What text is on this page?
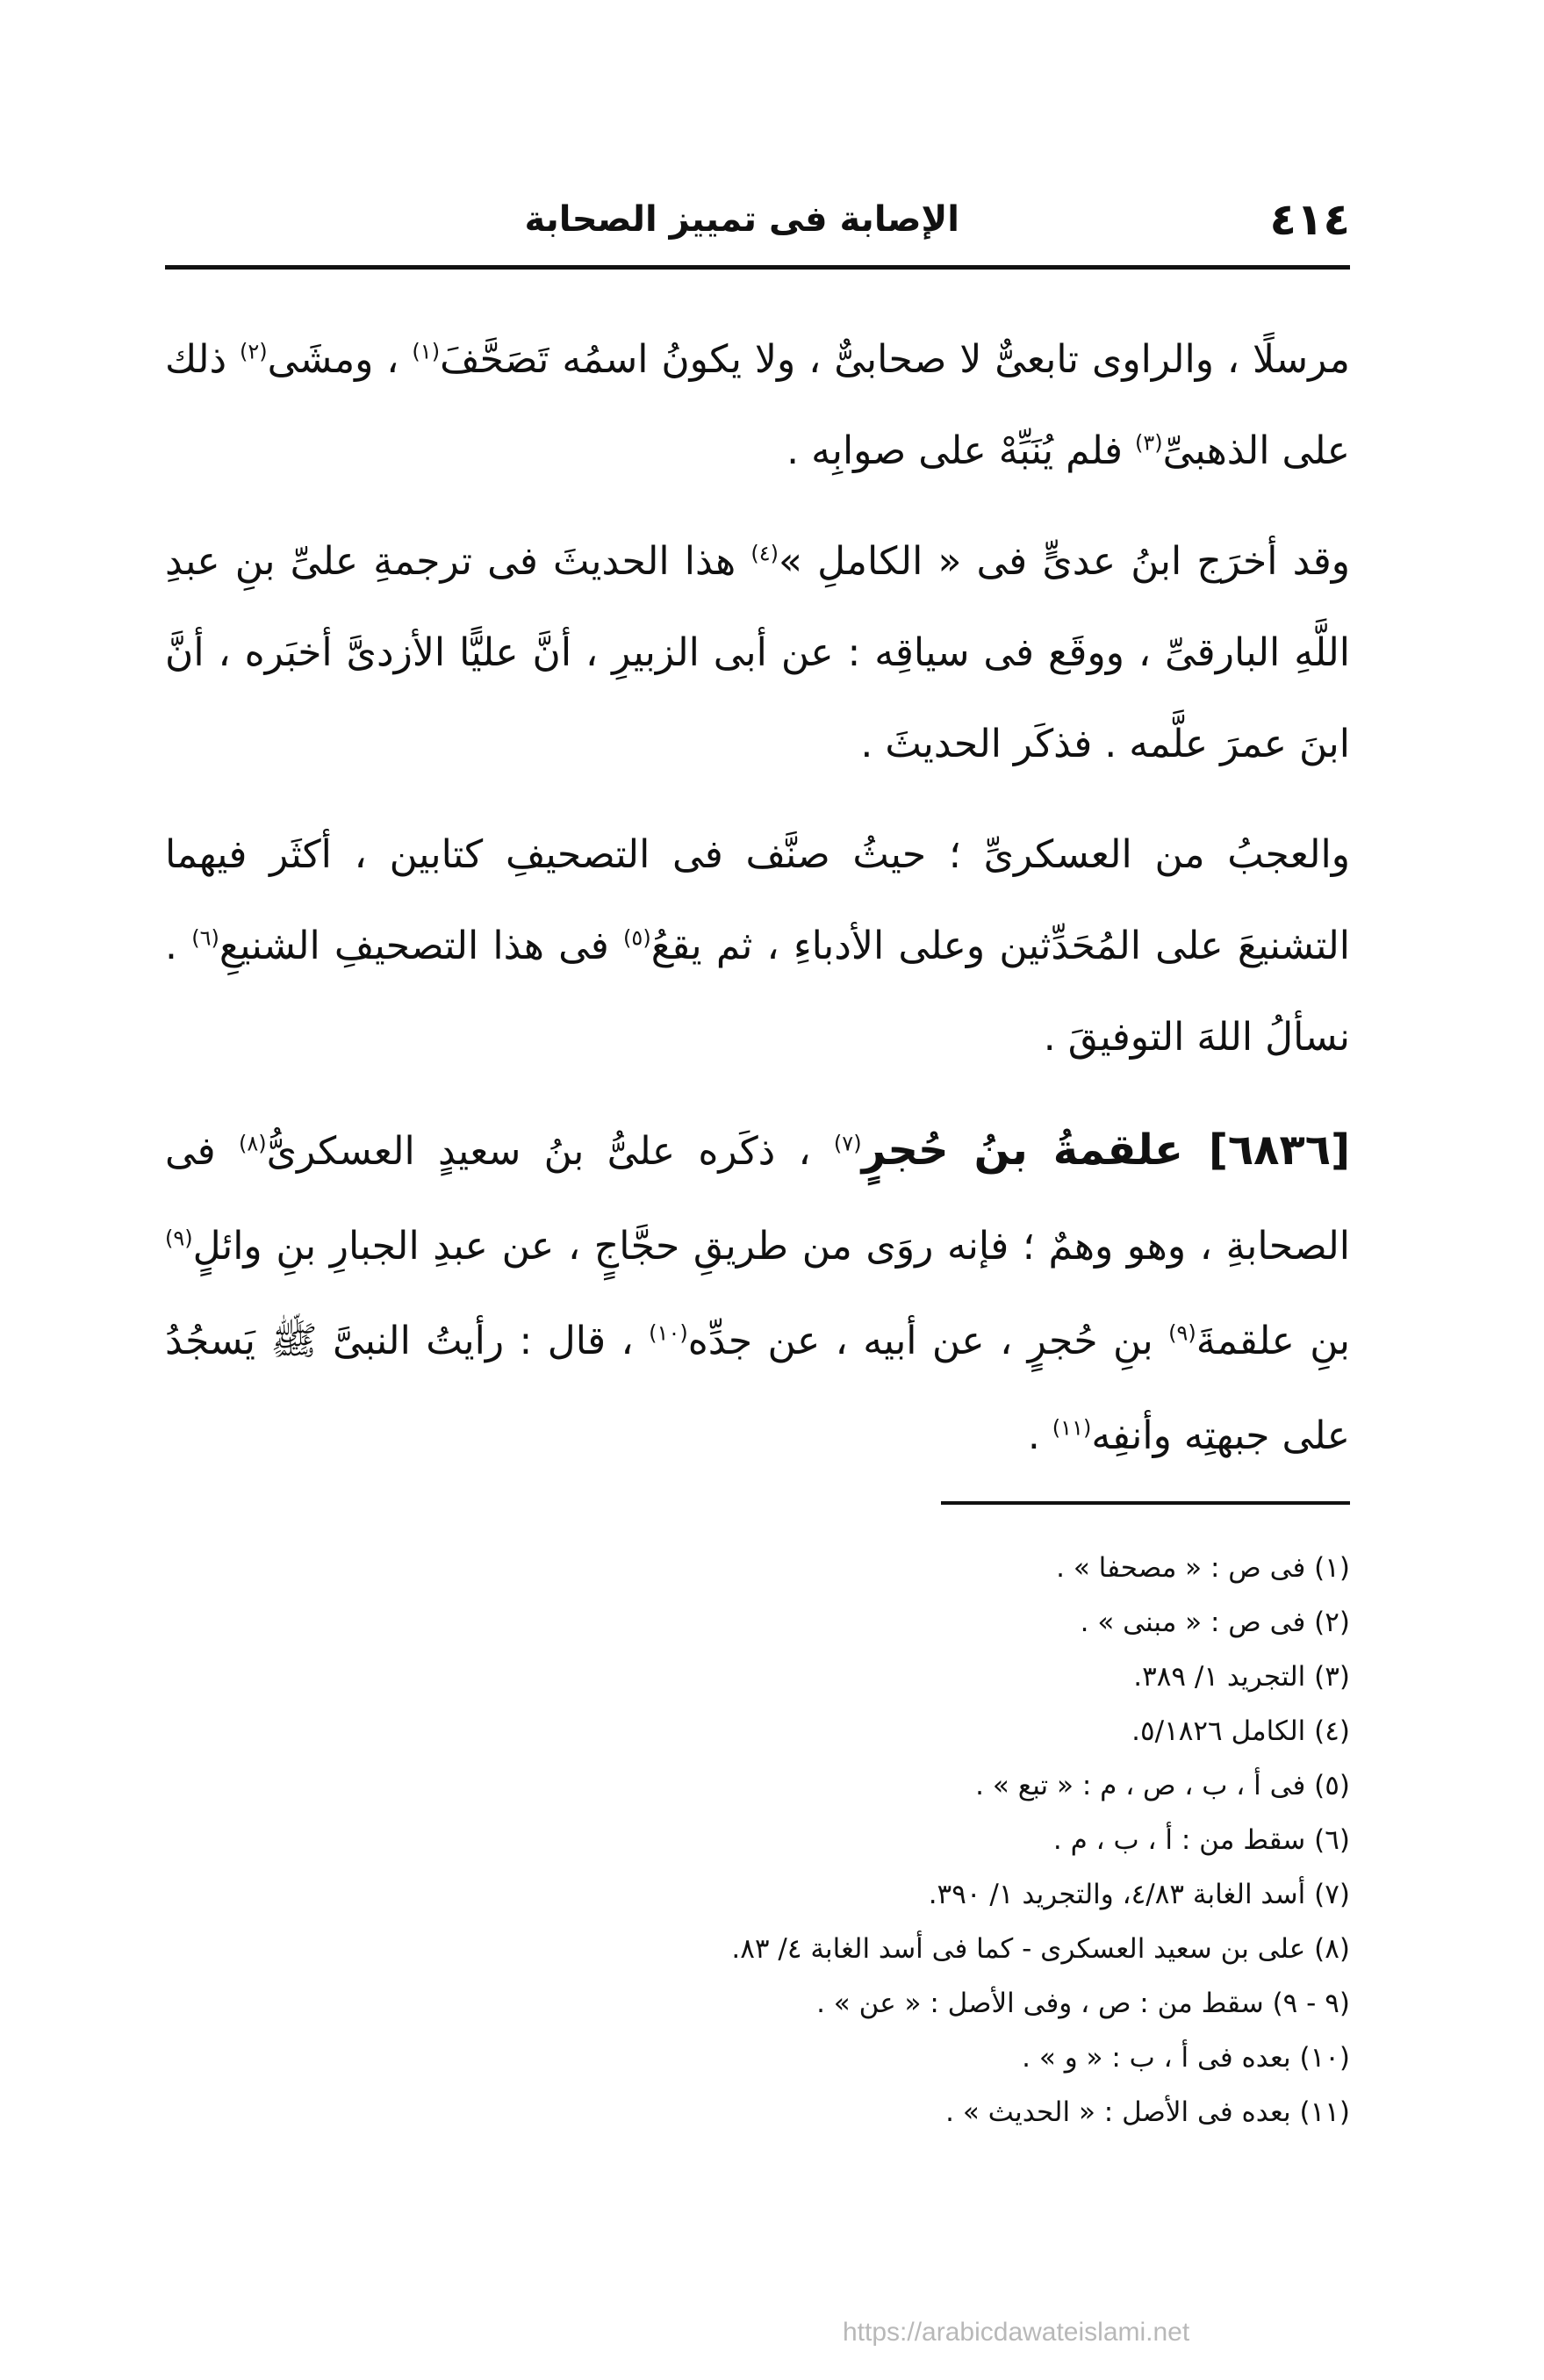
٤١٤
الإصابة فى تمييز الصحابة

مرسلًا ، والراوى تابعىٌّ لا صحابىٌّ ، ولا يكونُ اسمُه تَصَحَّفَ$^{(١)}$ ، ومشَى$^{(٢)}$ ذلك على الذهبىِّ$^{(٣)}$ فلم يُنَبِّهْ على صوابِه .

وقد أخرَج ابنُ عدىٍّ فى « الكاملِ »$^{(٤)}$ هذا الحديثَ فى ترجمةِ علىِّ بنِ عبدِ اللَّهِ البارقىِّ ، ووقَع فى سياقِه : عن أبى الزبيرِ ، أنَّ عليًّا الأزدىَّ أخبَره ، أنَّ ابنَ عمرَ علَّمه . فذكَر الحديثَ .

والعجبُ من العسكرىِّ ؛ حيثُ صنَّف فى التصحيفِ كتابين ، أكثَر فيهما التشنيعَ على المُحَدِّثين وعلى الأدباءِ ، ثم يقعُ$^{(٥)}$ فى هذا التصحيفِ الشنيعِ$^{(٦)}$ . نسألُ اللهَ التوفيقَ .

[٦٨٣٦] علقمةُ بنُ حُجرٍ$^{(٧)}$ ، ذكَره علىُّ بنُ سعيدٍ العسكرىُّ$^{(٨)}$ فى الصحابةِ ، وهو وهمٌ ؛ فإنه روَى من طريقِ حجَّاجٍ ، عن عبدِ الجبارِ بنِ وائلٍ$^{(٩)}$ بنِ علقمةَ$^{(٩)}$ بنِ حُجرٍ ، عن أبيه ، عن جدِّه$^{(١٠)}$ ، قال : رأيتُ النبىَّ ﷺ يَسجُدُ على جبهتِه وأنفِه$^{(١١)}$ .

(١) فى ص : « مصحفا » .
(٢) فى ص : « مبنى » .
(٣) التجريد ١/ ٣٨٩.
(٤) الكامل ٥/١٨٢٦.
(٥) فى أ ، ب ، ص ، م : « تبع » .
(٦) سقط من : أ ، ب ، م .
(٧) أسد الغابة ٤/٨٣، والتجريد ١/ ٣٩٠.
(٨) على بن سعيد العسكرى - كما فى أسد الغابة ٤/ ٨٣.
(٩ - ٩) سقط من : ص ، وفى الأصل : « عن » .
(١٠) بعده فى أ ، ب : « و » .
(١١) بعده فى الأصل : « الحديث » .
https://arabicdawateislami.net
